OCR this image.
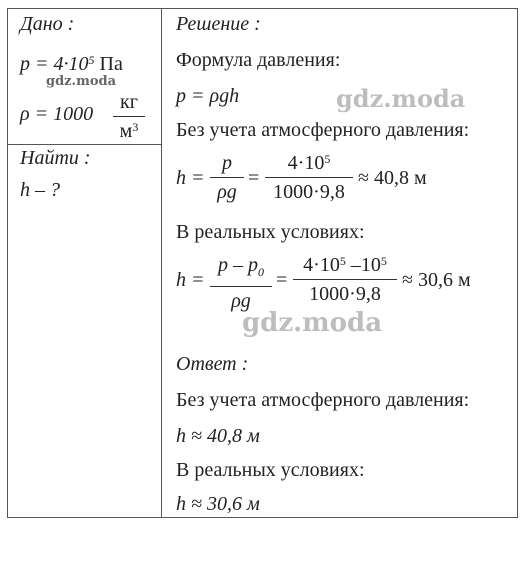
Дано :
$p = 4\cdot 10^5$ Па
ρ = 1000
кг
$м^3$
Найти :
h – ?
Решение :
Формула давления:
p = ρgh
Без учета атмосферного давления:
h =
p
ρg
=
$4\cdot 10^5$
1000·9,8
≈ 40,8 м
В реальных условиях:
h =
p – $p_0$
ρg
=
$4\cdot 10^5$ $-10^5$
1000·9,8
≈ 30,6 м
Ответ :
Без учета атмосферного давления:
h ≈ 40,8 м
В реальных условиях:
h ≈ 30,6 м
gdz.moda
gdz.moda
gdz.moda
